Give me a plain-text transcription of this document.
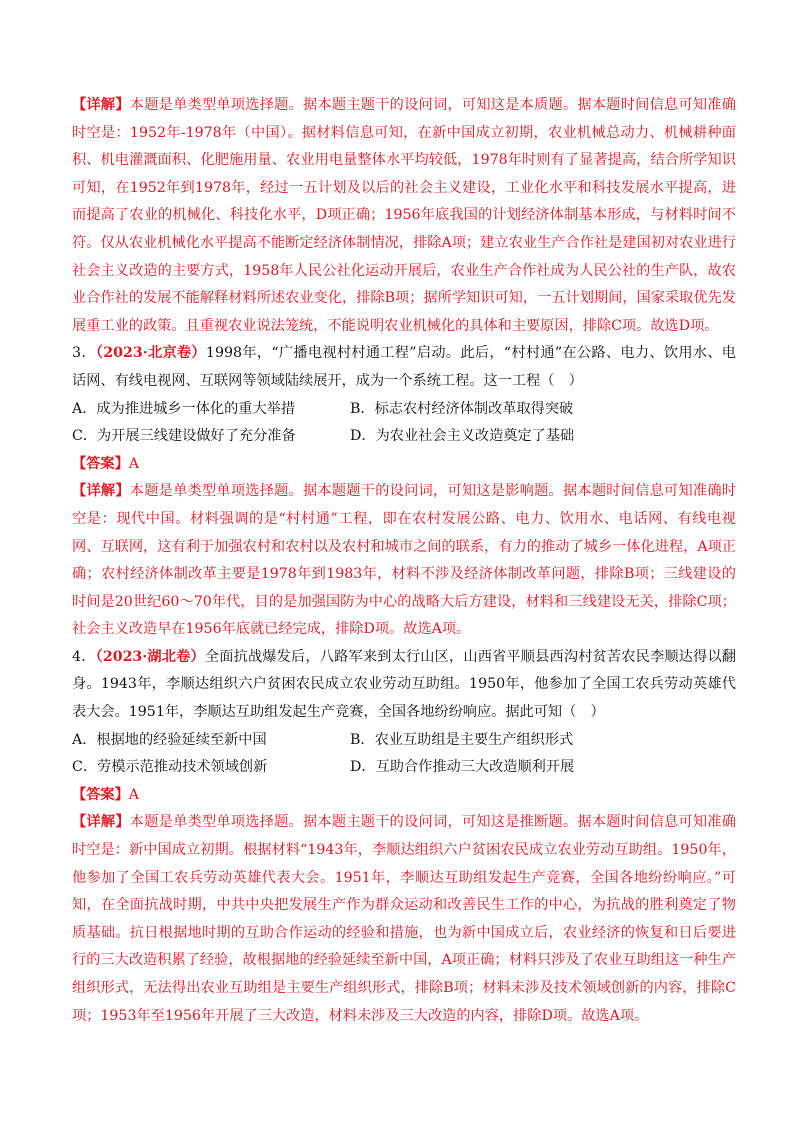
【详解】本题是单类型单项选择题。据本题主题干的设问词，可知这是本质题。据本题时间信息可知准确时空是：1952年-1978年（中国）。据材料信息可知，在新中国成立初期，农业机械总动力、机械耕种面积、机电灌溉面积、化肥施用量、农业用电量整体水平均较低，1978年时则有了显著提高，结合所学知识可知，在1952年到1978年，经过一五计划及以后的社会主义建设，工业化水平和科技发展水平提高，进而提高了农业的机械化、科技化水平，D项正确；1956年底我国的计划经济体制基本形成，与材料时间不符。仅从农业机械化水平提高不能断定经济体制情况，排除A项；建立农业生产合作社是建国初对农业进行社会主义改造的主要方式，1958年人民公社化运动开展后，农业生产合作社成为人民公社的生产队，故农业合作社的发展不能解释材料所述农业变化，排除B项；据所学知识可知，一五计划期间，国家采取优先发展重工业的政策。且重视农业说法笼统，不能说明农业机械化的具体和主要原因，排除C项。故选D项。

3．（2023·北京卷）1998年，“广播电视村村通工程”启动。此后，“村村通”在公路、电力、饮用水、电话网、有线电视网、互联网等领域陆续展开，成为一个系统工程。这一工程（　）

A．成为推进城乡一体化的重大举措	B．标志农村经济体制改革取得突破
C．为开展三线建设做好了充分准备	D．为农业社会主义改造奠定了基础

【答案】A

【详解】本题是单类型单项选择题。据本题题干的设问词，可知这是影响题。据本题时间信息可知准确时空是：现代中国。材料强调的是“村村通”工程，即在农村发展公路、电力、饮用水、电话网、有线电视网、互联网，这有利于加强农村和农村以及农村和城市之间的联系，有力的推动了城乡一体化进程，A项正确；农村经济体制改革主要是1978年到1983年，材料不涉及经济体制改革问题，排除B项；三线建设的时间是20世纪60～70年代，目的是加强国防为中心的战略大后方建设，材料和三线建设无关，排除C项；社会主义改造早在1956年底就已经完成，排除D项。故选A项。

4．（2023·湖北卷）全面抗战爆发后，八路军来到太行山区，山西省平顺县西沟村贫苦农民李顺达得以翻身。1943年，李顺达组织六户贫困农民成立农业劳动互助组。1950年，他参加了全国工农兵劳动英雄代表大会。1951年，李顺达互助组发起生产竞赛，全国各地纷纷响应。据此可知（　）

A．根据地的经验延续至新中国	B．农业互助组是主要生产组织形式
C．劳模示范推动技术领域创新	D．互助合作推动三大改造顺利开展

【答案】A

【详解】本题是单类型单项选择题。据本题主题干的设问词，可知这是推断题。据本题时间信息可知准确时空是：新中国成立初期。根据材料“1943年，李顺达组织六户贫困农民成立农业劳动互助组。1950年，他参加了全国工农兵劳动英雄代表大会。1951年，李顺达互助组发起生产竞赛，全国各地纷纷响应。”可知，在全面抗战时期，中共中央把发展生产作为群众运动和改善民生工作的中心，为抗战的胜利奠定了物质基础。抗日根据地时期的互助合作运动的经验和措施，也为新中国成立后，农业经济的恢复和日后要进行的三大改造积累了经验，故根据地的经验延续至新中国，A项正确；材料只涉及了农业互助组这一种生产组织形式，无法得出农业互助组是主要生产组织形式，排除B项；材料未涉及技术领域创新的内容，排除C项；1953年至1956年开展了三大改造，材料未涉及三大改造的内容，排除D项。故选A项。
